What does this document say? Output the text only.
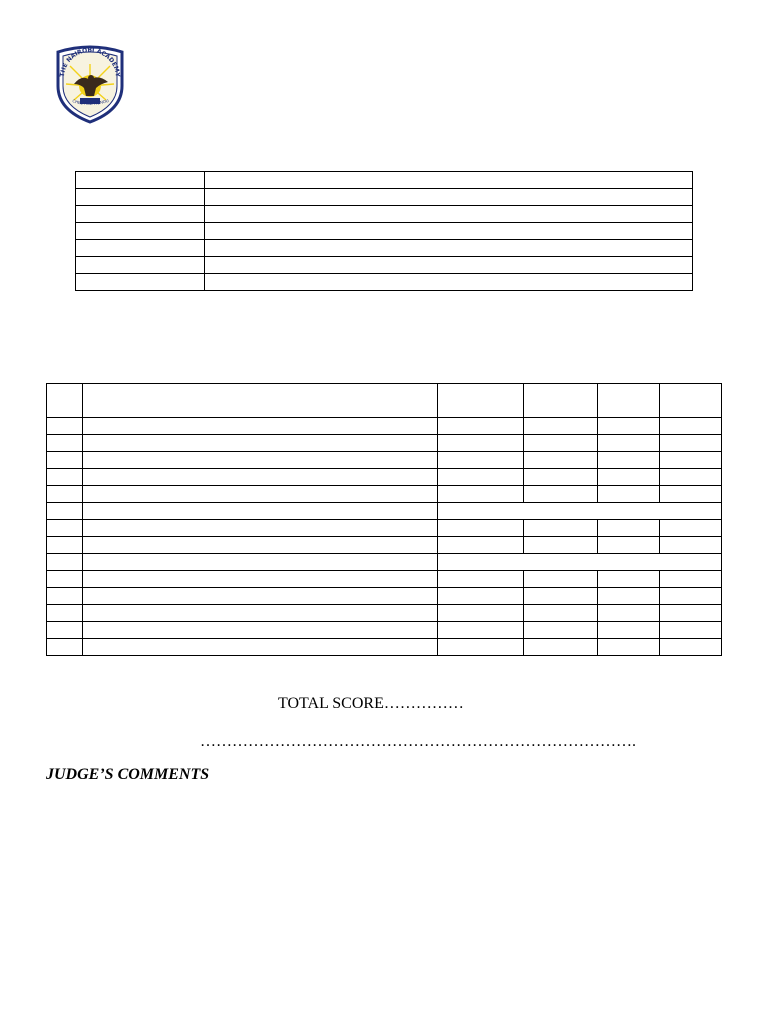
THE NAIROBI ACADEMY
CHES AND HONOU

TOTAL SCORE……………
……………………………………………………………………….
JUDGE’S COMMENTS
